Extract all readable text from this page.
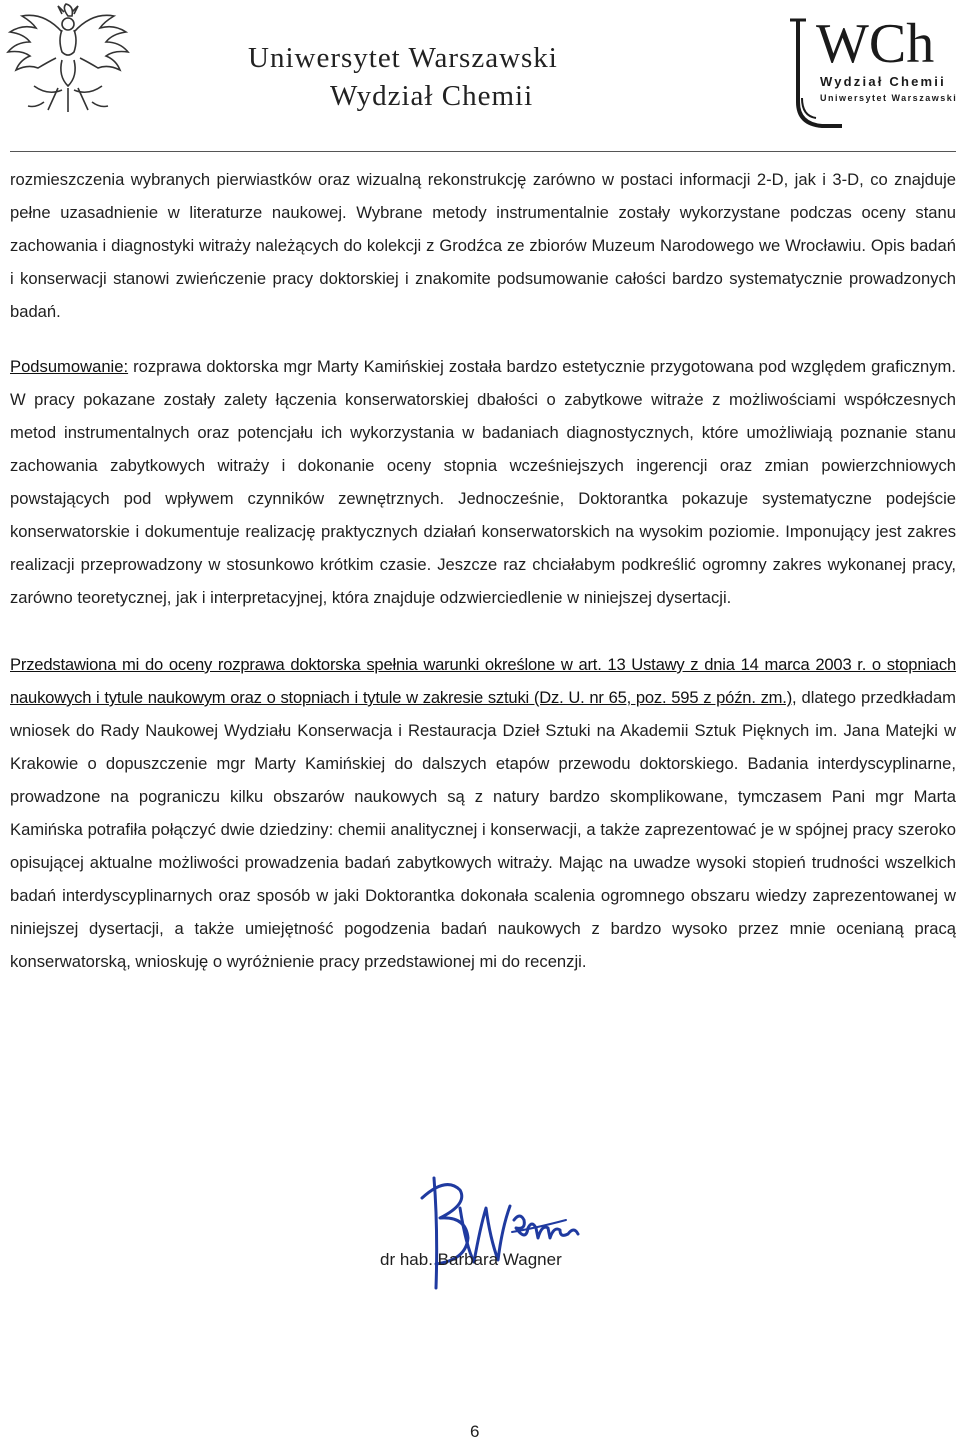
Uniwersytet Warszawski
Wydział Chemii
WCh
Wydział Chemii
Uniwersytet Warszawski

rozmieszczenia wybranych pierwiastków oraz wizualną rekonstrukcję zarówno w postaci informacji 2-D, jak i 3-D, co znajduje pełne uzasadnienie w literaturze naukowej. Wybrane metody instrumentalnie zostały wykorzystane podczas oceny stanu zachowania i diagnostyki witraży należących do kolekcji z Grodźca ze zbiorów Muzeum Narodowego we Wrocławiu. Opis badań i konserwacji stanowi zwieńczenie pracy doktorskiej i znakomite podsumowanie całości bardzo systematycznie prowadzonych badań.

Podsumowanie: rozprawa doktorska mgr Marty Kamińskiej została bardzo estetycznie przygotowana pod względem graficznym. W pracy pokazane zostały zalety łączenia konserwatorskiej dbałości o zabytkowe witraże z możliwościami współczesnych metod instrumentalnych oraz potencjału ich wykorzystania w badaniach diagnostycznych, które umożliwiają poznanie stanu zachowania zabytkowych witraży i dokonanie oceny stopnia wcześniejszych ingerencji oraz zmian powierzchniowych powstających pod wpływem czynników zewnętrznych. Jednocześnie, Doktorantka pokazuje systematyczne podejście konserwatorskie i dokumentuje realizację praktycznych działań konserwatorskich na wysokim poziomie. Imponujący jest zakres realizacji przeprowadzony w stosunkowo krótkim czasie. Jeszcze raz chciałabym podkreślić ogromny zakres wykonanej pracy, zarówno teoretycznej, jak i interpretacyjnej, która znajduje odzwierciedlenie w niniejszej dysertacji.

Przedstawiona mi do oceny rozprawa doktorska spełnia warunki określone w art. 13 Ustawy z dnia 14 marca 2003 r. o stopniach naukowych i tytule naukowym oraz o stopniach i tytule w zakresie sztuki (Dz. U. nr 65, poz. 595 z późn. zm.), dlatego przedkładam wniosek do Rady Naukowej Wydziału Konserwacja i Restauracja Dzieł Sztuki na Akademii Sztuk Pięknych im. Jana Matejki w Krakowie o dopuszczenie mgr Marty Kamińskiej do dalszych etapów przewodu doktorskiego. Badania interdyscyplinarne, prowadzone na pograniczu kilku obszarów naukowych są z natury bardzo skomplikowane, tymczasem Pani mgr Marta Kamińska potrafiła połączyć dwie dziedziny: chemii analitycznej i konserwacji, a także zaprezentować je w spójnej pracy szeroko opisującej aktualne możliwości prowadzenia badań zabytkowych witraży. Mając na uwadze wysoki stopień trudności wszelkich badań interdyscyplinarnych oraz sposób w jaki Doktorantka dokonała scalenia ogromnego obszaru wiedzy zaprezentowanej w niniejszej dysertacji, a także umiejętność pogodzenia badań naukowych z bardzo wysoko przez mnie ocenianą pracą konserwatorską, wnioskuję o wyróżnienie pracy przedstawionej mi do recenzji.

dr hab. Barbara Wagner
6
